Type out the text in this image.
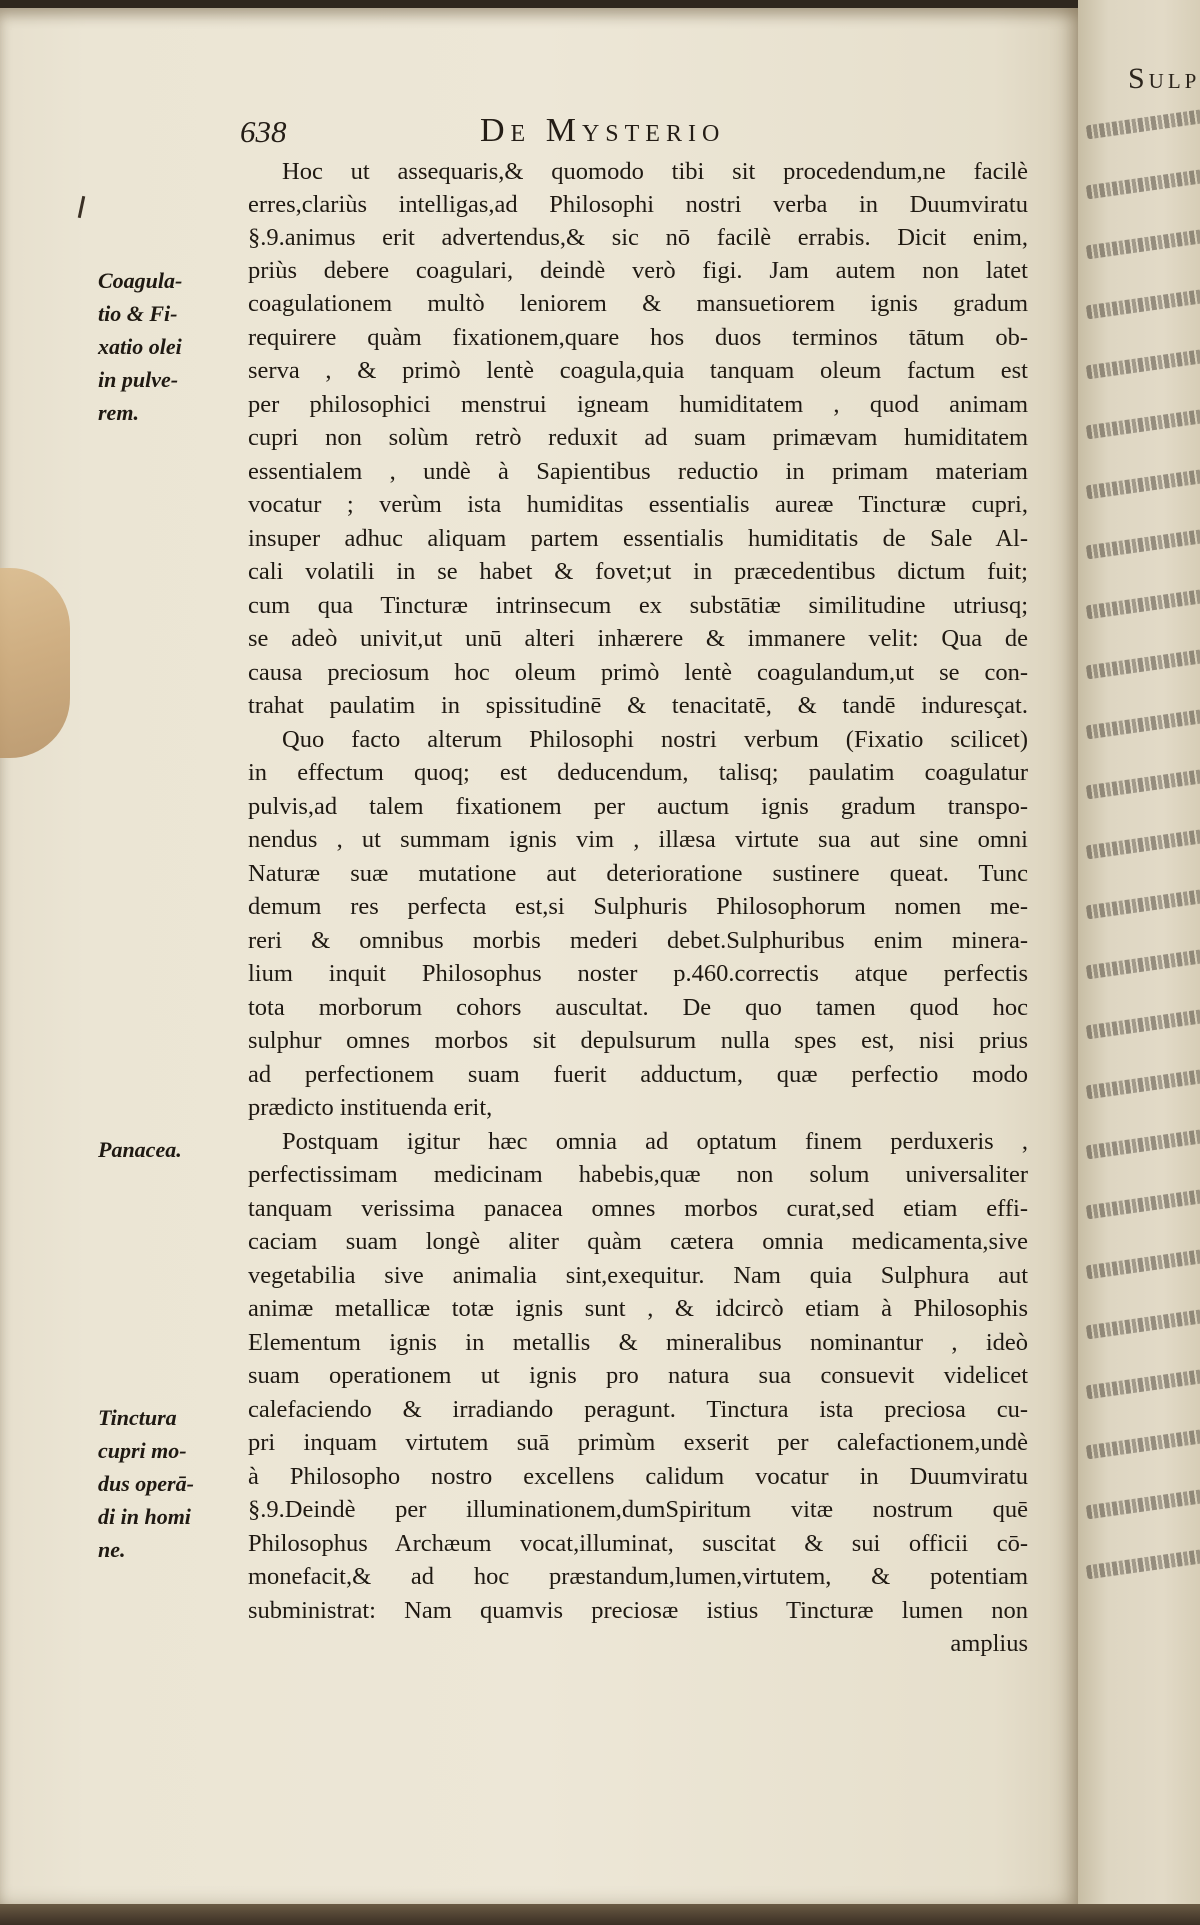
638	De Mysterio
Coagula-
tio & Fi-
xatio olei
in pulve-
rem.
Panacea.
Tinctura
cupri mo-
dus operā-
di in homi
ne.
Hoc ut assequaris,& quomodo tibi sit procedendum,ne facilè
erres,clariùs intelligas,ad Philosophi nostri verba in Duumviratu
§.9.animus erit advertendus,& sic nō facilè errabis. Dicit enim,
priùs debere coagulari, deindè verò figi. Jam autem non latet
coagulationem multò leniorem & mansuetiorem ignis gradum
requirere quàm fixationem,quare hos duos terminos tātum ob-
serva , & primò lentè coagula,quia tanquam oleum factum est
per philosophici menstrui igneam humiditatem , quod animam
cupri non solùm retrò reduxit ad suam primævam humiditatem
essentialem , undè à Sapientibus reductio in primam materiam
vocatur ; verùm ista humiditas essentialis aureæ Tincturæ cupri,
insuper adhuc aliquam partem essentialis humiditatis de Sale Al-
cali volatili in se habet & fovet;ut in præcedentibus dictum fuit;
cum qua Tincturæ intrinsecum ex substātiæ similitudine utriusq;
se adeò univit,ut unū alteri inhærere & immanere velit: Qua de
causa preciosum hoc oleum primò lentè coagulandum,ut se con-
trahat paulatim in spissitudinē & tenacitatē, & tandē induresçat.
Quo facto alterum Philosophi nostri verbum (Fixatio scilicet)
in effectum quoq; est deducendum, talisq; paulatim coagulatur
pulvis,ad talem fixationem per auctum ignis gradum transpo-
nendus , ut summam ignis vim , illæsa virtute sua aut sine omni
Naturæ suæ mutatione aut deterioratione sustinere queat. Tunc
demum res perfecta est,si Sulphuris Philosophorum nomen me-
reri & omnibus morbis mederi debet.Sulphuribus enim minera-
lium inquit Philosophus noster p.460.correctis atque perfectis
tota morborum cohors auscultat. De quo tamen quod hoc
sulphur omnes morbos sit depulsurum nulla spes est, nisi prius
ad perfectionem suam fuerit adductum, quæ perfectio modo
prædicto instituenda erit,
Postquam igitur hæc omnia ad optatum finem perduxeris ,
perfectissimam medicinam habebis,quæ non solum universaliter
tanquam verissima panacea omnes morbos curat,sed etiam effi-
caciam suam longè aliter quàm cætera omnia medicamenta,sive
vegetabilia sive animalia sint,exequitur. Nam quia Sulphura aut
animæ metallicæ totæ ignis sunt , & idcircò etiam à Philosophis
Elementum ignis in metallis & mineralibus nominantur , ideò
suam operationem ut ignis pro natura sua consuevit videlicet
calefaciendo & irradiando peragunt. Tinctura ista preciosa cu-
pri inquam virtutem suā primùm exserit per calefactionem,undè
à Philosopho nostro excellens calidum vocatur in Duumviratu
§.9.Deindè per illuminationem,dumSpiritum vitæ nostrum quē
Philosophus Archæum vocat,illuminat, suscitat & sui officii cō-
monefacit,& ad hoc præstandum,lumen,virtutem, & potentiam
subministrat: Nam quamvis preciosæ istius Tincturæ lumen non
amplius
Sulp
